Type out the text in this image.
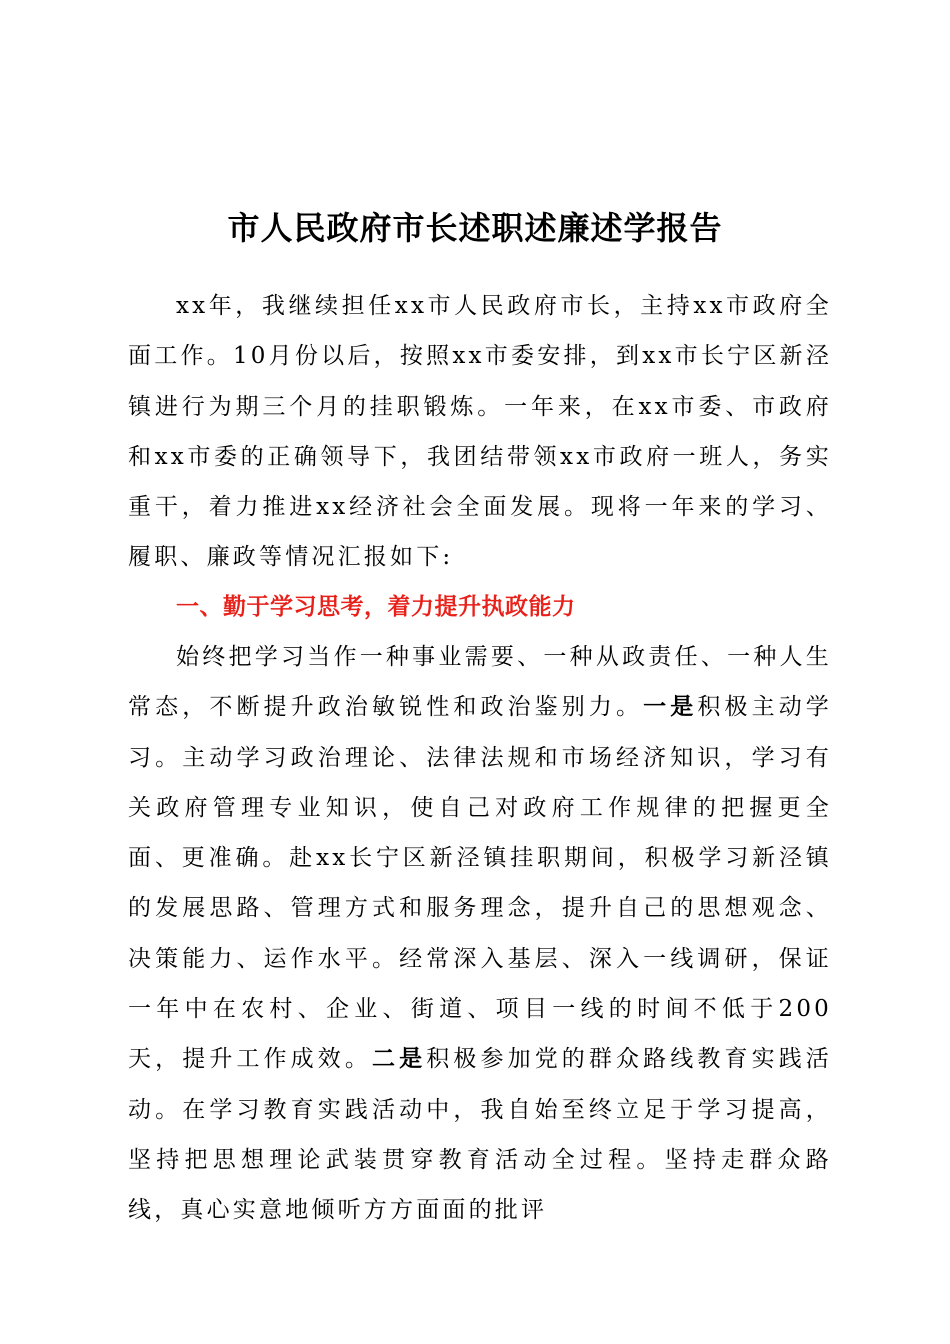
市人民政府市长述职述廉述学报告

xx年，我继续担任xx市人民政府市长，主持xx市政府全面工作。10月份以后，按照xx市委安排，到xx市长宁区新泾镇进行为期三个月的挂职锻炼。一年来，在xx市委、市政府和xx市委的正确领导下，我团结带领xx市政府一班人，务实重干，着力推进xx经济社会全面发展。现将一年来的学习、履职、廉政等情况汇报如下:

一、勤于学习思考，着力提升执政能力

始终把学习当作一种事业需要、一种从政责任、一种人生常态，不断提升政治敏锐性和政治鉴别力。一是积极主动学习。主动学习政治理论、法律法规和市场经济知识，学习有关政府管理专业知识，使自己对政府工作规律的把握更全面、更准确。赴xx长宁区新泾镇挂职期间，积极学习新泾镇的发展思路、管理方式和服务理念，提升自己的思想观念、决策能力、运作水平。经常深入基层、深入一线调研，保证一年中在农村、企业、街道、项目一线的时间不低于200天，提升工作成效。二是积极参加党的群众路线教育实践活动。在学习教育实践活动中，我自始至终立足于学习提高，坚持把思想理论武装贯穿教育活动全过程。坚持走群众路线，真心实意地倾听方方面面的批评
